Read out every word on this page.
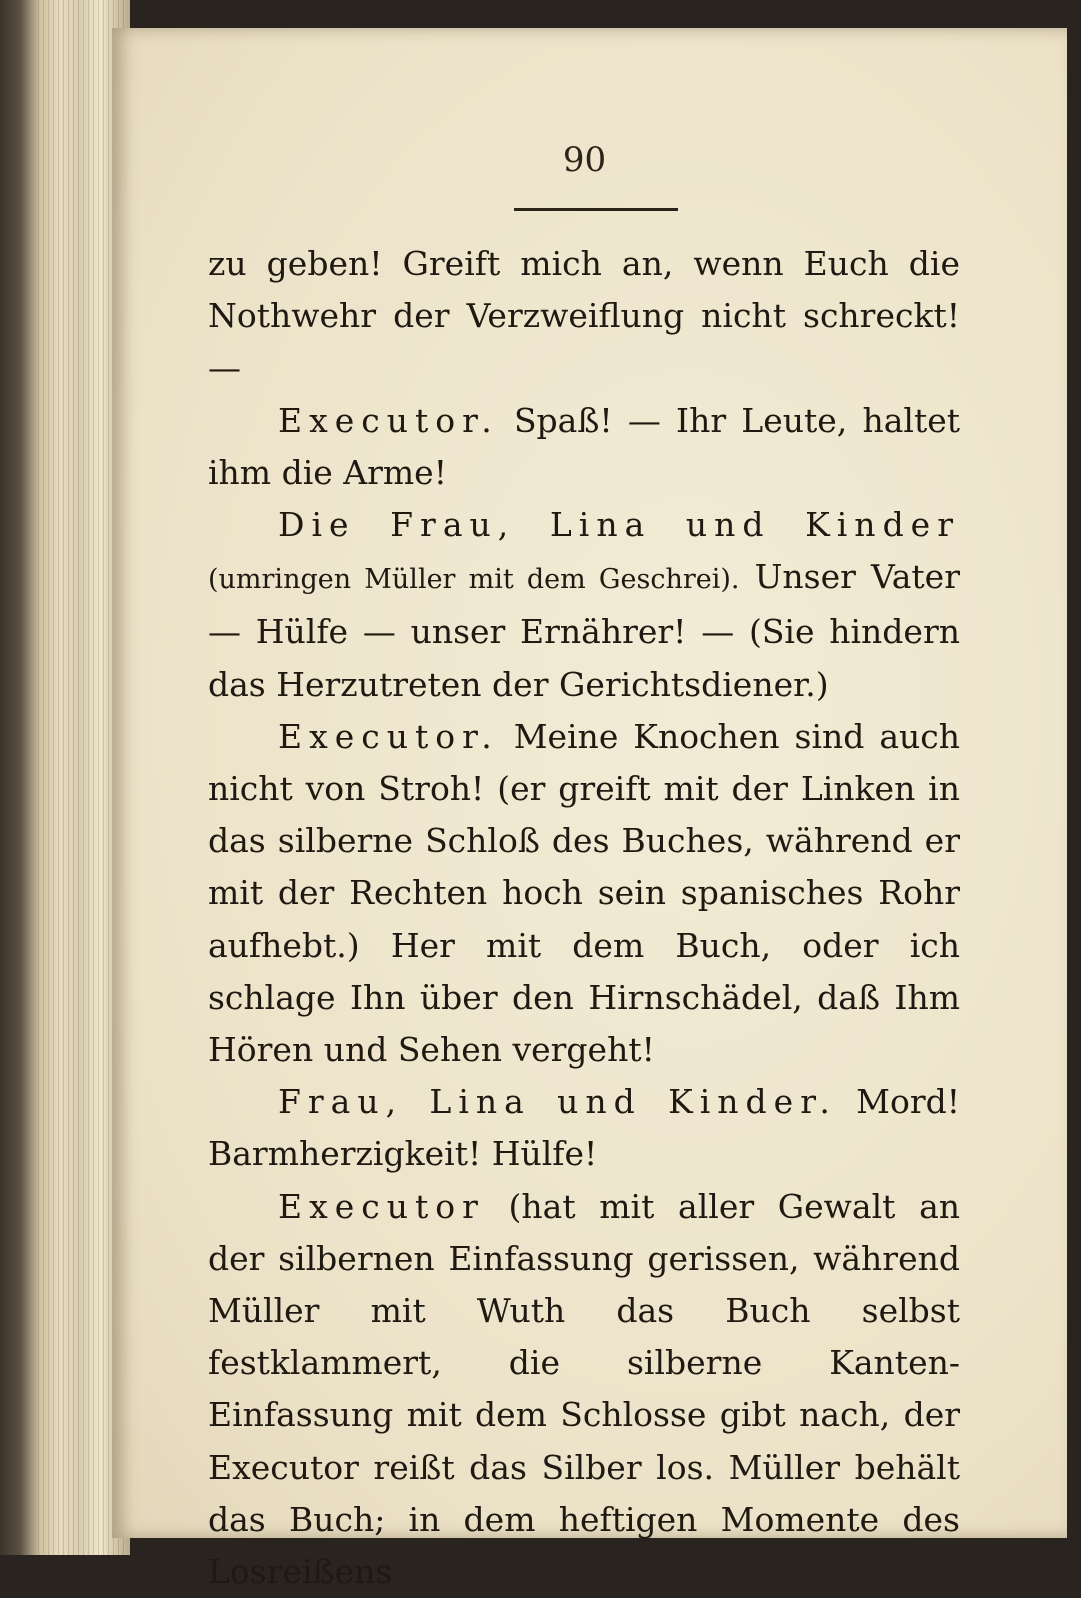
90

zu geben! Greift mich an, wenn Euch die Nothwehr der Verzweiflung nicht schreckt! —

Executor. Spaß! — Ihr Leute, haltet ihm die Arme!

Die Frau, Lina und Kinder (umringen Müller mit dem Geschrei). Unser Vater — Hülfe — unser Ernährer! — (Sie hindern das Herzutreten der Gerichtsdiener.)

Executor. Meine Knochen sind auch nicht von Stroh! (er greift mit der Linken in das silberne Schloß des Buches, während er mit der Rechten hoch sein spanisches Rohr aufhebt.) Her mit dem Buch, oder ich schlage Ihn über den Hirnschädel, daß Ihm Hören und Sehen vergeht!

Frau, Lina und Kinder. Mord! Barmherzigkeit! Hülfe!

Executor (hat mit aller Gewalt an der silbernen Einfassung gerissen, während Müller mit Wuth das Buch selbst festklammert, die silberne Kanten-Einfassung mit dem Schlosse gibt nach, der Executor reißt das Silber los. Müller behält das Buch; in dem heftigen Momente des Losreißens
